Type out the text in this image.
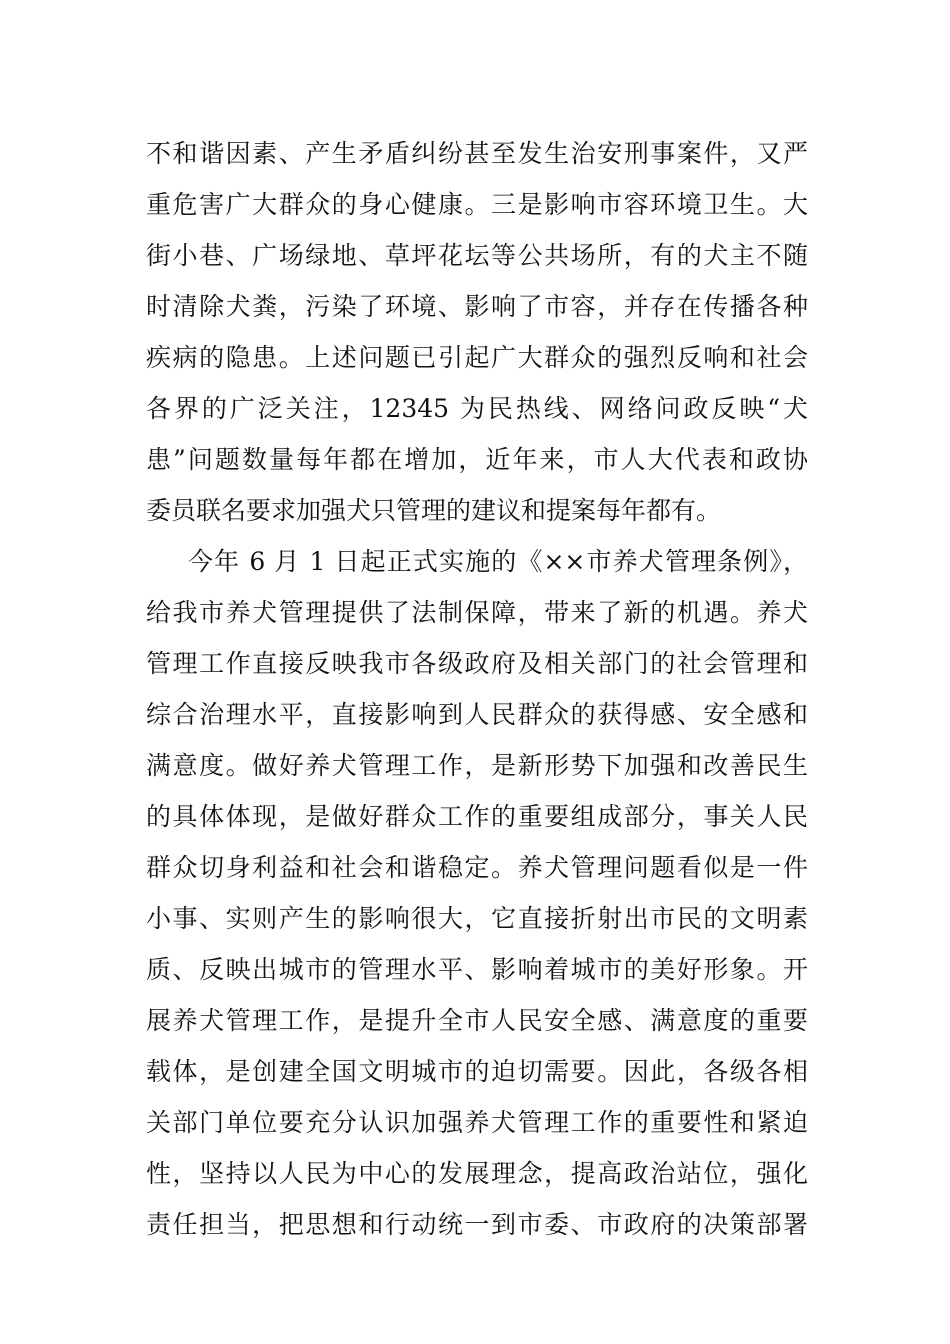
不和谐因素、产生矛盾纠纷甚至发生治安刑事案件，又严
重危害广大群众的身心健康。三是影响市容环境卫生。大
街小巷、广场绿地、草坪花坛等公共场所，有的犬主不随
时清除犬粪，污染了环境、影响了市容，并存在传播各种
疾病的隐患。上述问题已引起广大群众的强烈反响和社会
各界的广泛关注，12345 为民热线、网络问政反映“犬
患”问题数量每年都在增加，近年来，市人大代表和政协
委员联名要求加强犬只管理的建议和提案每年都有。
今年 6 月 1 日起正式实施的《××市养犬管理条例》，
给我市养犬管理提供了法制保障，带来了新的机遇。养犬
管理工作直接反映我市各级政府及相关部门的社会管理和
综合治理水平，直接影响到人民群众的获得感、安全感和
满意度。做好养犬管理工作，是新形势下加强和改善民生
的具体体现，是做好群众工作的重要组成部分，事关人民
群众切身利益和社会和谐稳定。养犬管理问题看似是一件
小事、实则产生的影响很大，它直接折射出市民的文明素
质、反映出城市的管理水平、影响着城市的美好形象。开
展养犬管理工作，是提升全市人民安全感、满意度的重要
载体，是创建全国文明城市的迫切需要。因此，各级各相
关部门单位要充分认识加强养犬管理工作的重要性和紧迫
性，坚持以人民为中心的发展理念，提高政治站位，强化
责任担当，把思想和行动统一到市委、市政府的决策部署
